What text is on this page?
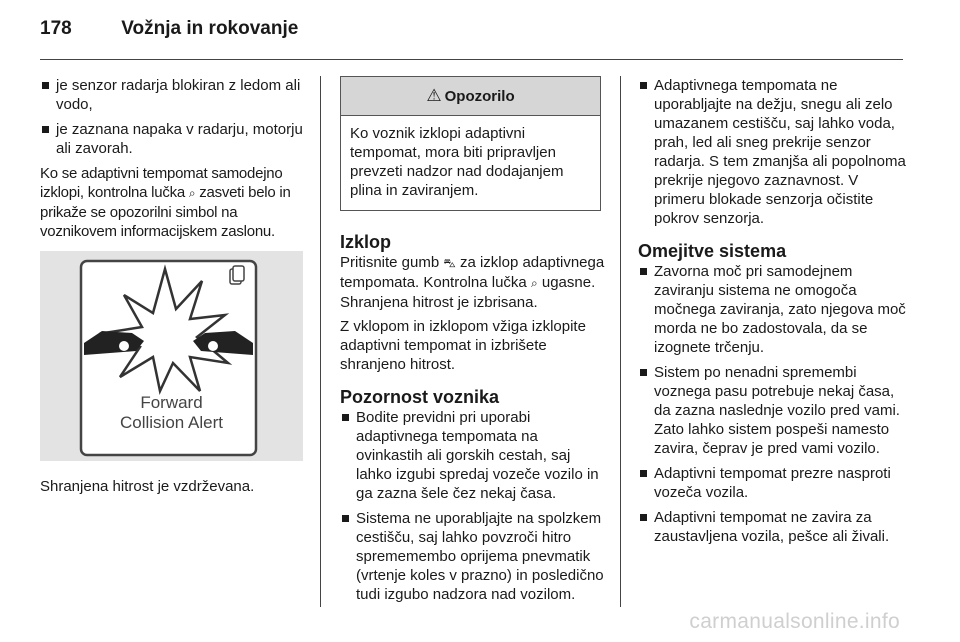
178	Vožnja in rokovanje
je senzor radarja blokiran z ledom ali vodo,
je zaznana napaka v radarju, motorju ali zavorah.

Ko se adaptivni tempomat samodejno izklopi, kontrolna lučka ⌕ zasveti belo in prikaže se opozorilni simbol na voznikovem informacijskem zaslonu.

Forward
Collision Alert

Shranjena hitrost je vzdrževana.

⚠ Opozorilo
Ko voznik izklopi adaptivni tempomat, mora biti pripravljen prevzeti nadzor nad dodajanjem plina in zaviranjem.
Izklop

Pritisnite gumb ⛍ za izklop adaptivnega tempomata. Kontrolna lučka ⌕ ugasne. Shranjena hitrost je izbrisana.

Z vklopom in izklopom vžiga izklopite adaptivni tempomat in izbrišete shranjeno hitrost.

Pozornost voznika
Bodite previdni pri uporabi adaptivnega tempomata na ovinkastih ali gorskih cestah, saj lahko izgubi spredaj vozeče vozilo in ga zazna šele čez nekaj časa.
Sistema ne uporabljajte na spolzkem cestišču, saj lahko povzroči hitro sprememembo oprijema pnevmatik (vrtenje koles v prazno) in posledično tudi izgubo nadzora nad vozilom.
Adaptivnega tempomata ne uporabljajte na dežju, snegu ali zelo umazanem cestišču, saj lahko voda, prah, led ali sneg prekrije senzor radarja. S tem zmanjša ali popolnoma prekrije njegovo zaznavnost. V primeru blokade senzorja očistite pokrov senzorja.
Omejitve sistema
Zavorna moč pri samodejnem zaviranju sistema ne omogoča močnega zaviranja, zato njegova moč morda ne bo zadostovala, da se izognete trčenju.
Sistem po nenadni spremembi voznega pasu potrebuje nekaj časa, da zazna naslednje vozilo pred vami. Zato lahko sistem pospeši namesto zavira, čeprav je pred vami vozilo.
Adaptivni tempomat prezre nasproti vozeča vozila.
Adaptivni tempomat ne zavira za zaustavljena vozila, pešce ali živali.
carmanualsonline.info
